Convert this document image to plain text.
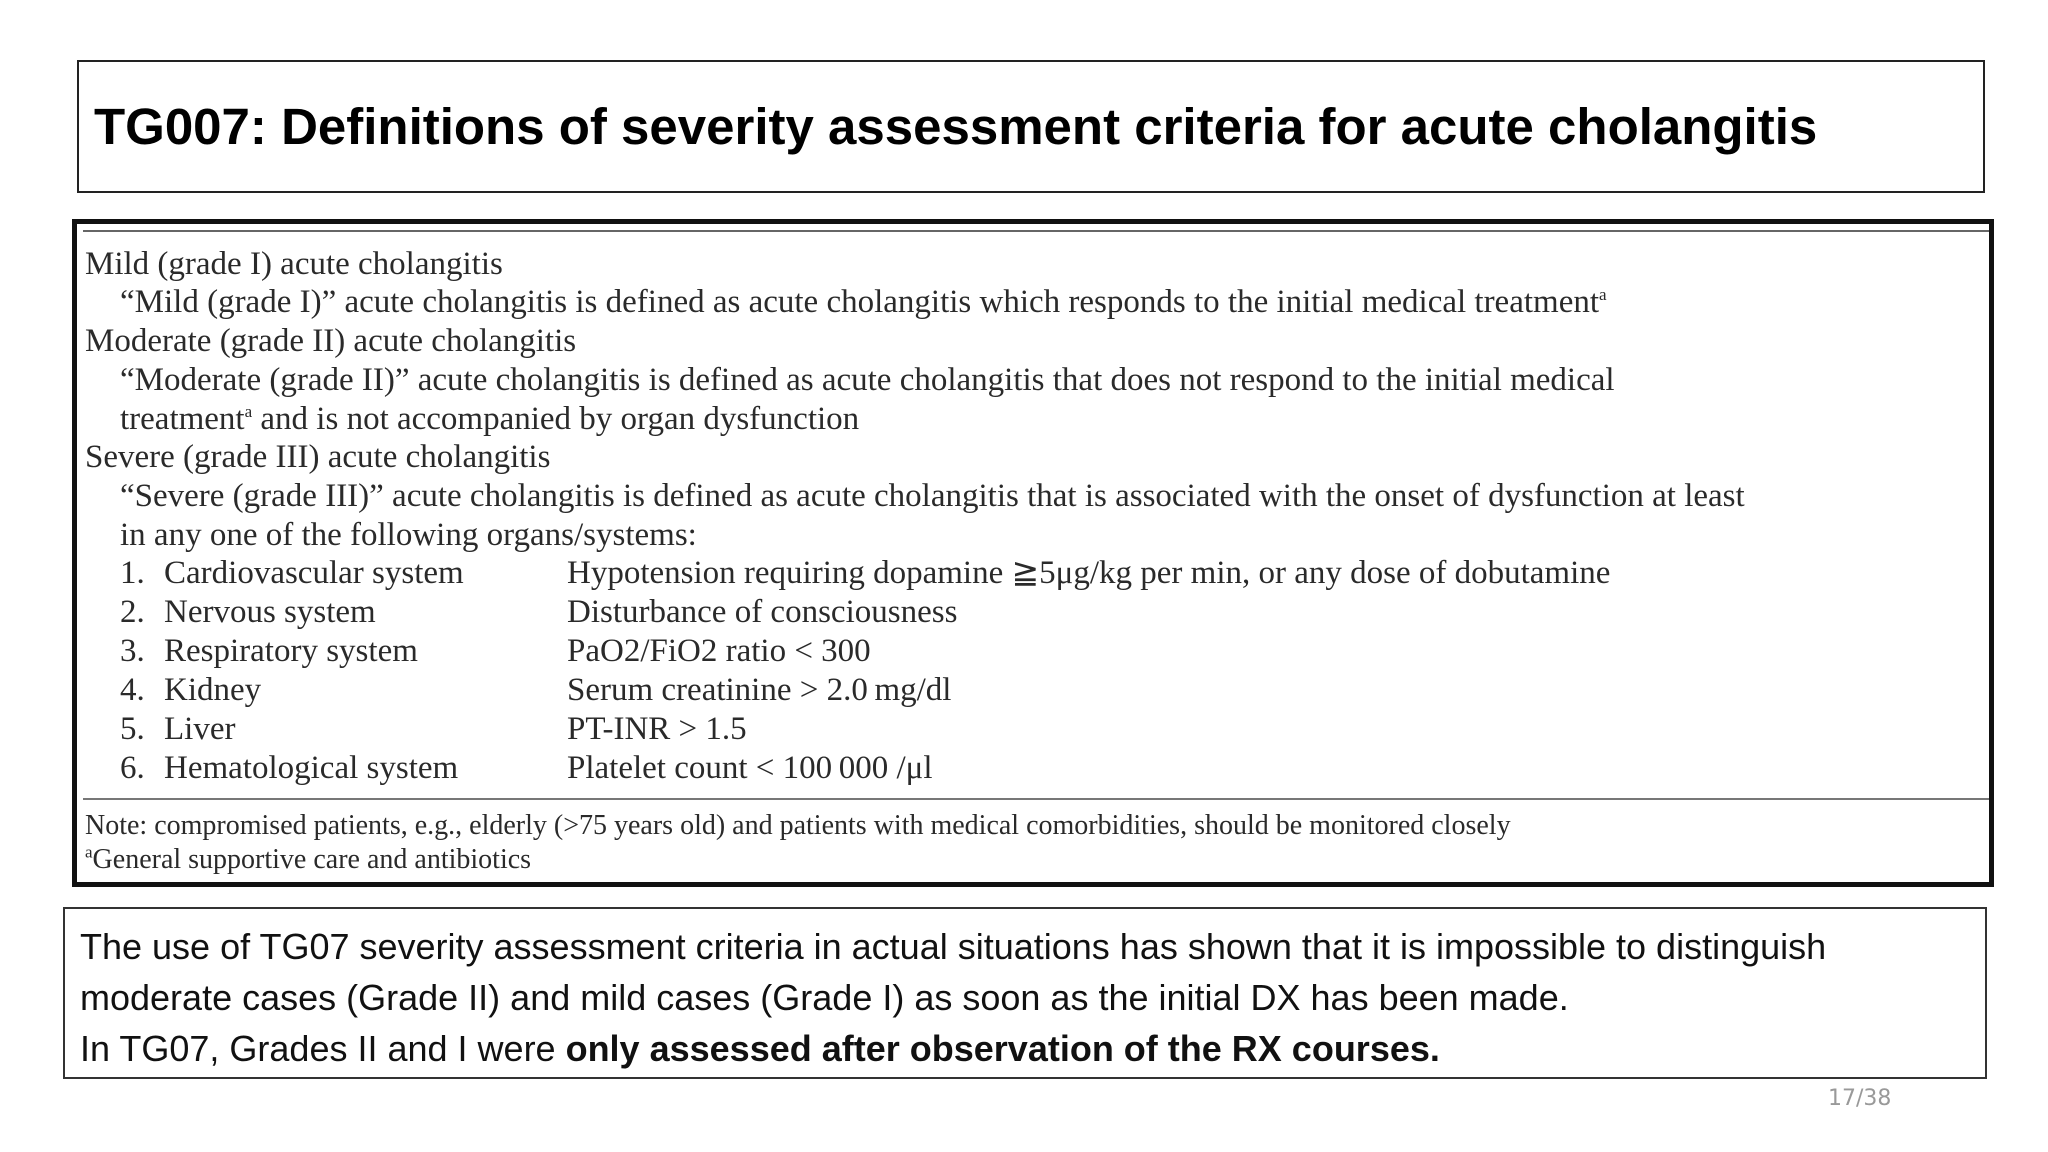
TG007: Definitions of severity assessment criteria for acute cholangitis
Mild (grade I) acute cholangitis
“Mild (grade I)” acute cholangitis is defined as acute cholangitis which responds to the initial medical treatment$^a$
Moderate (grade II) acute cholangitis
“Moderate (grade II)” acute cholangitis is defined as acute cholangitis that does not respond to the initial medical
treatment$^a$ and is not accompanied by organ dysfunction
Severe (grade III) acute cholangitis
“Severe (grade III)” acute cholangitis is defined as acute cholangitis that is associated with the onset of dysfunction at least
in any one of the following organs/systems:
1. Cardiovascular system	Hypotension requiring dopamine ≧5μg/kg per min, or any dose of dobutamine
2. Nervous system	Disturbance of consciousness
3. Respiratory system	PaO2/FiO2 ratio < 300
4. Kidney	Serum creatinine > 2.0 mg/dl
5. Liver	PT-INR > 1.5
6. Hematological system	Platelet count < 100 000 /μl
Note: compromised patients, e.g., elderly (>75 years old) and patients with medical comorbidities, should be monitored closely
$^a$General supportive care and antibiotics

The use of TG07 severity assessment criteria in actual situations has shown that it is impossible to distinguish

moderate cases (Grade II) and mild cases (Grade I) as soon as the initial DX has been made.

In TG07, Grades II and I were only assessed after observation of the RX courses.

17/38
